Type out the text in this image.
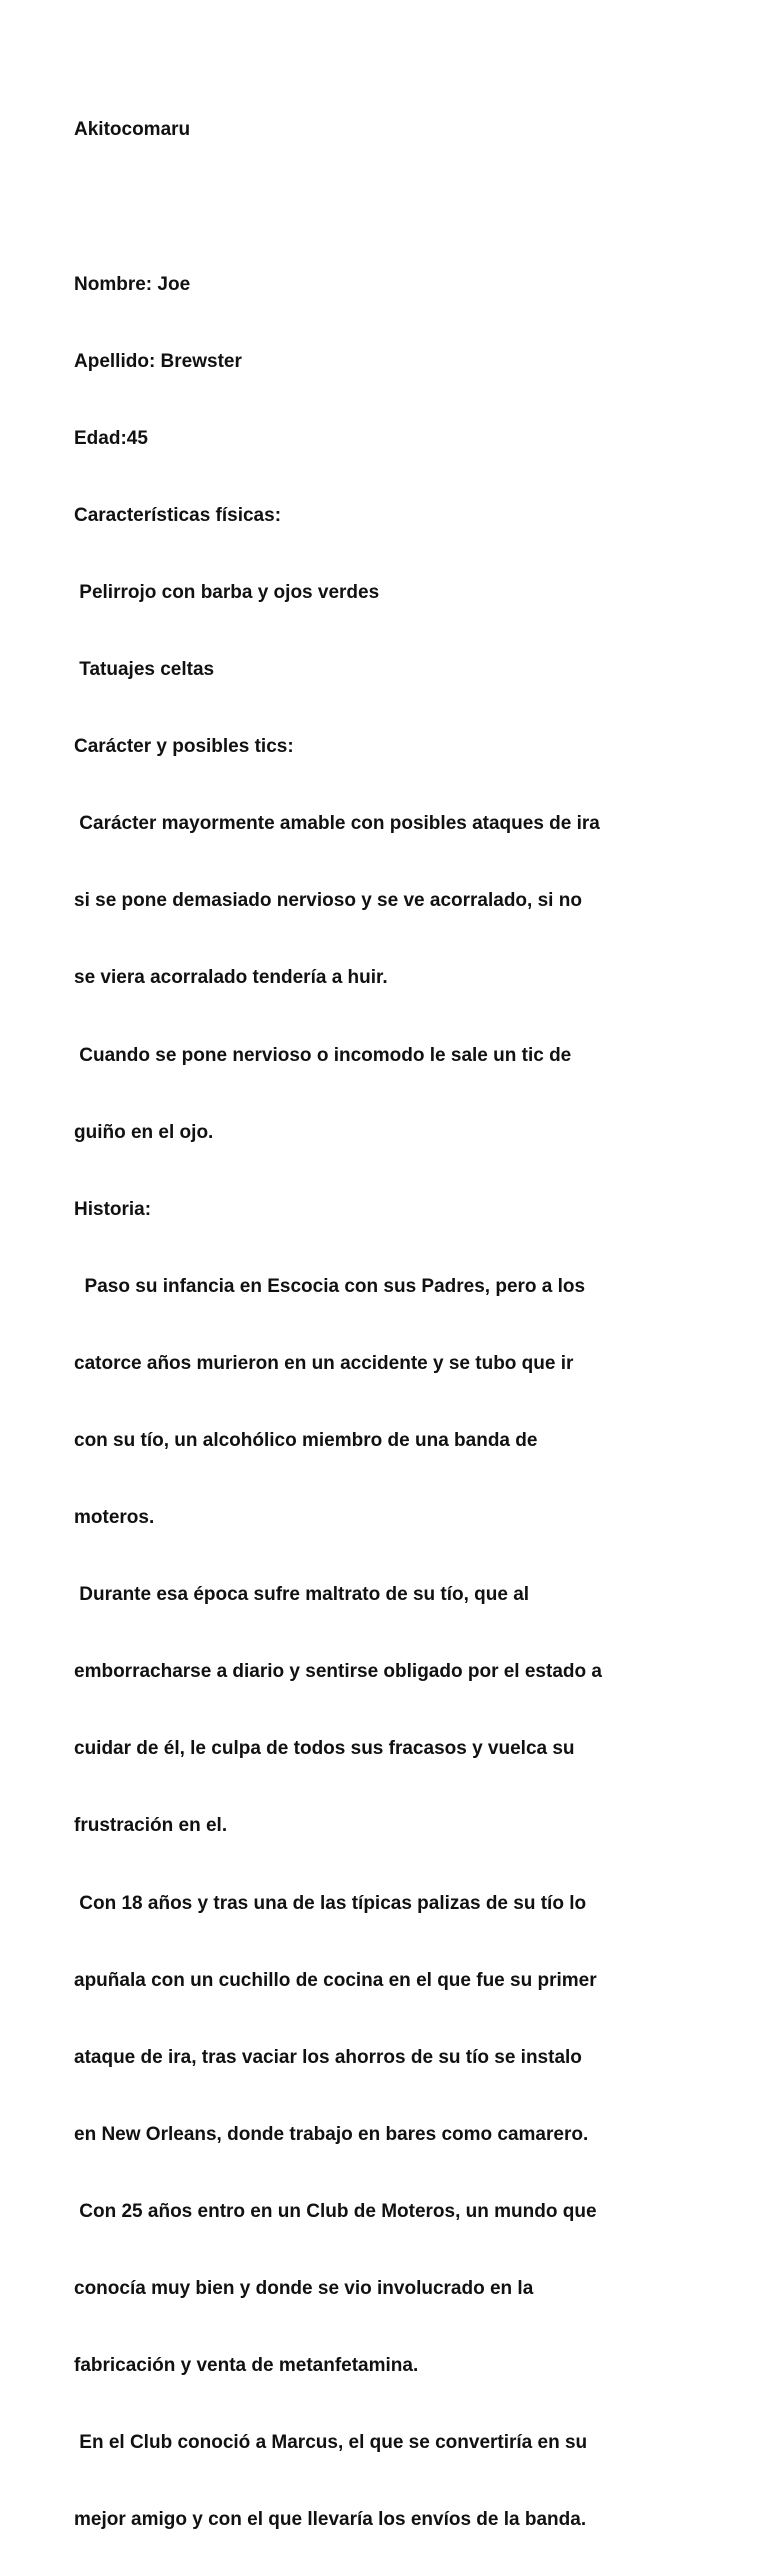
Akitocomaru

Nombre: Joe

Apellido: Brewster

Edad:45

Características físicas:

Pelirrojo con barba y ojos verdes

Tatuajes celtas

Carácter y posibles tics:

Carácter mayormente amable con posibles ataques de ira

si se pone demasiado nervioso y se ve acorralado, si no

se viera acorralado tendería a huir.

Cuando se pone nervioso o incomodo le sale un tic de

guiño en el ojo.

Historia:

Paso su infancia en Escocia con sus Padres, pero a los

catorce años murieron en un accidente y se tubo que ir

con su tío, un alcohólico miembro de una banda de

moteros.

Durante esa época sufre maltrato de su tío, que al

emborracharse a diario y sentirse obligado por el estado a

cuidar de él, le culpa de todos sus fracasos y vuelca su

frustración en el.

Con 18 años y tras una de las típicas palizas de su tío lo

apuñala con un cuchillo de cocina en el que fue su primer

ataque de ira, tras vaciar los ahorros de su tío se instalo

en New Orleans, donde trabajo en bares como camarero.

Con 25 años entro en un Club de Moteros, un mundo que

conocía muy bien y donde se vio involucrado en la

fabricación y venta de metanfetamina.

En el Club conoció a Marcus, el que se convertiría en su

mejor amigo y con el que llevaría los envíos de la banda.
